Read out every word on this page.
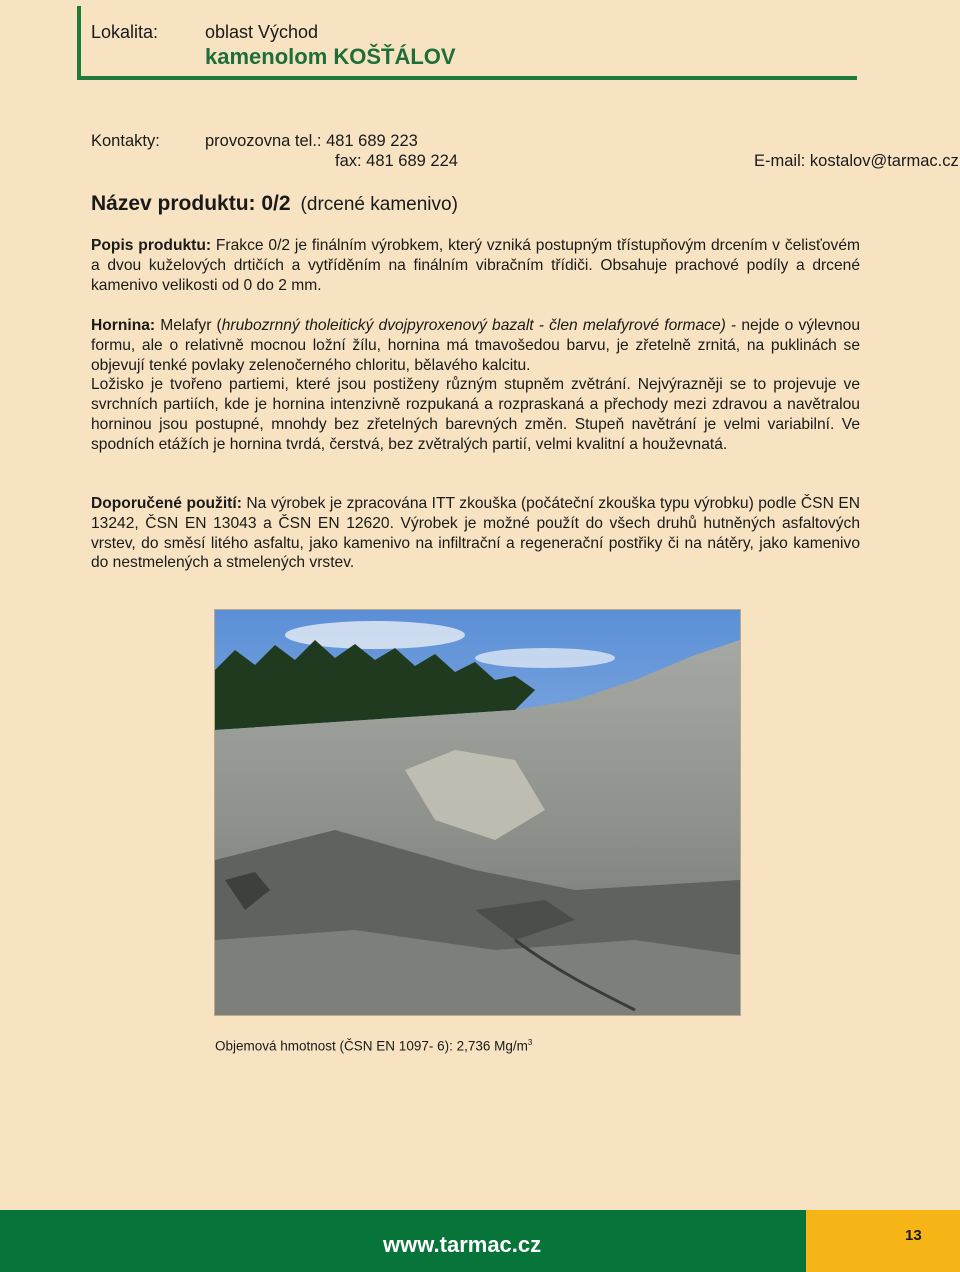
Lokalita:	oblast Východ
kamenolom KOŠŤÁLOV
Kontakty:	provozovna tel.: 481 689 223
fax: 481 689 224	E-mail: kostalov@tarmac.cz
Název produktu: 0/2 (drcené kamenivo)

Popis produktu: Frakce 0/2 je finálním výrobkem, který vzniká postupným třístupňovým drcením v čelisťovém a dvou kuželových drtičích a vytříděním na finálním vibračním třídiči. Obsahuje prachové podíly a drcené kamenivo velikosti od 0 do 2 mm.

Hornina: Melafyr (hrubozrnný tholeitický dvojpyroxenový bazalt - člen melafyrové formace) - nejde o výlevnou formu, ale o relativně mocnou ložní žílu, hornina má tmavošedou barvu, je zřetelně zrnitá, na puklinách se objevují tenké povlaky zelenočerného chloritu, bělavého kalcitu.
Ložisko je tvořeno partiemi, které jsou postiženy různým stupněm zvětrání. Nejvýrazněji se to projevuje ve svrchních partiích, kde je hornina intenzivně rozpukaná a rozpraskaná a přechody mezi zdravou a navětralou horninou jsou postupné, mnohdy bez zřetelných barevných změn. Stupeň navětrání je velmi variabilní. Ve spodních etážích je hornina tvrdá, čerstvá, bez zvětralých partií, velmi kvalitní a houževnatá.

Doporučené použití: Na výrobek je zpracována ITT zkouška (počáteční zkouška typu výrobku) podle ČSN EN 13242, ČSN EN 13043 a ČSN EN 12620. Výrobek je možné použít do všech druhů hutněných asfaltových vrstev, do směsí litého asfaltu, jako kamenivo na infiltrační a regenerační postřiky či na nátěry, jako kamenivo do nestmelených a stmelených vrstev.

Objemová hmotnost (ČSN EN 1097- 6): 2,736 $Mg/m^3$
www.tarmac.cz	13
